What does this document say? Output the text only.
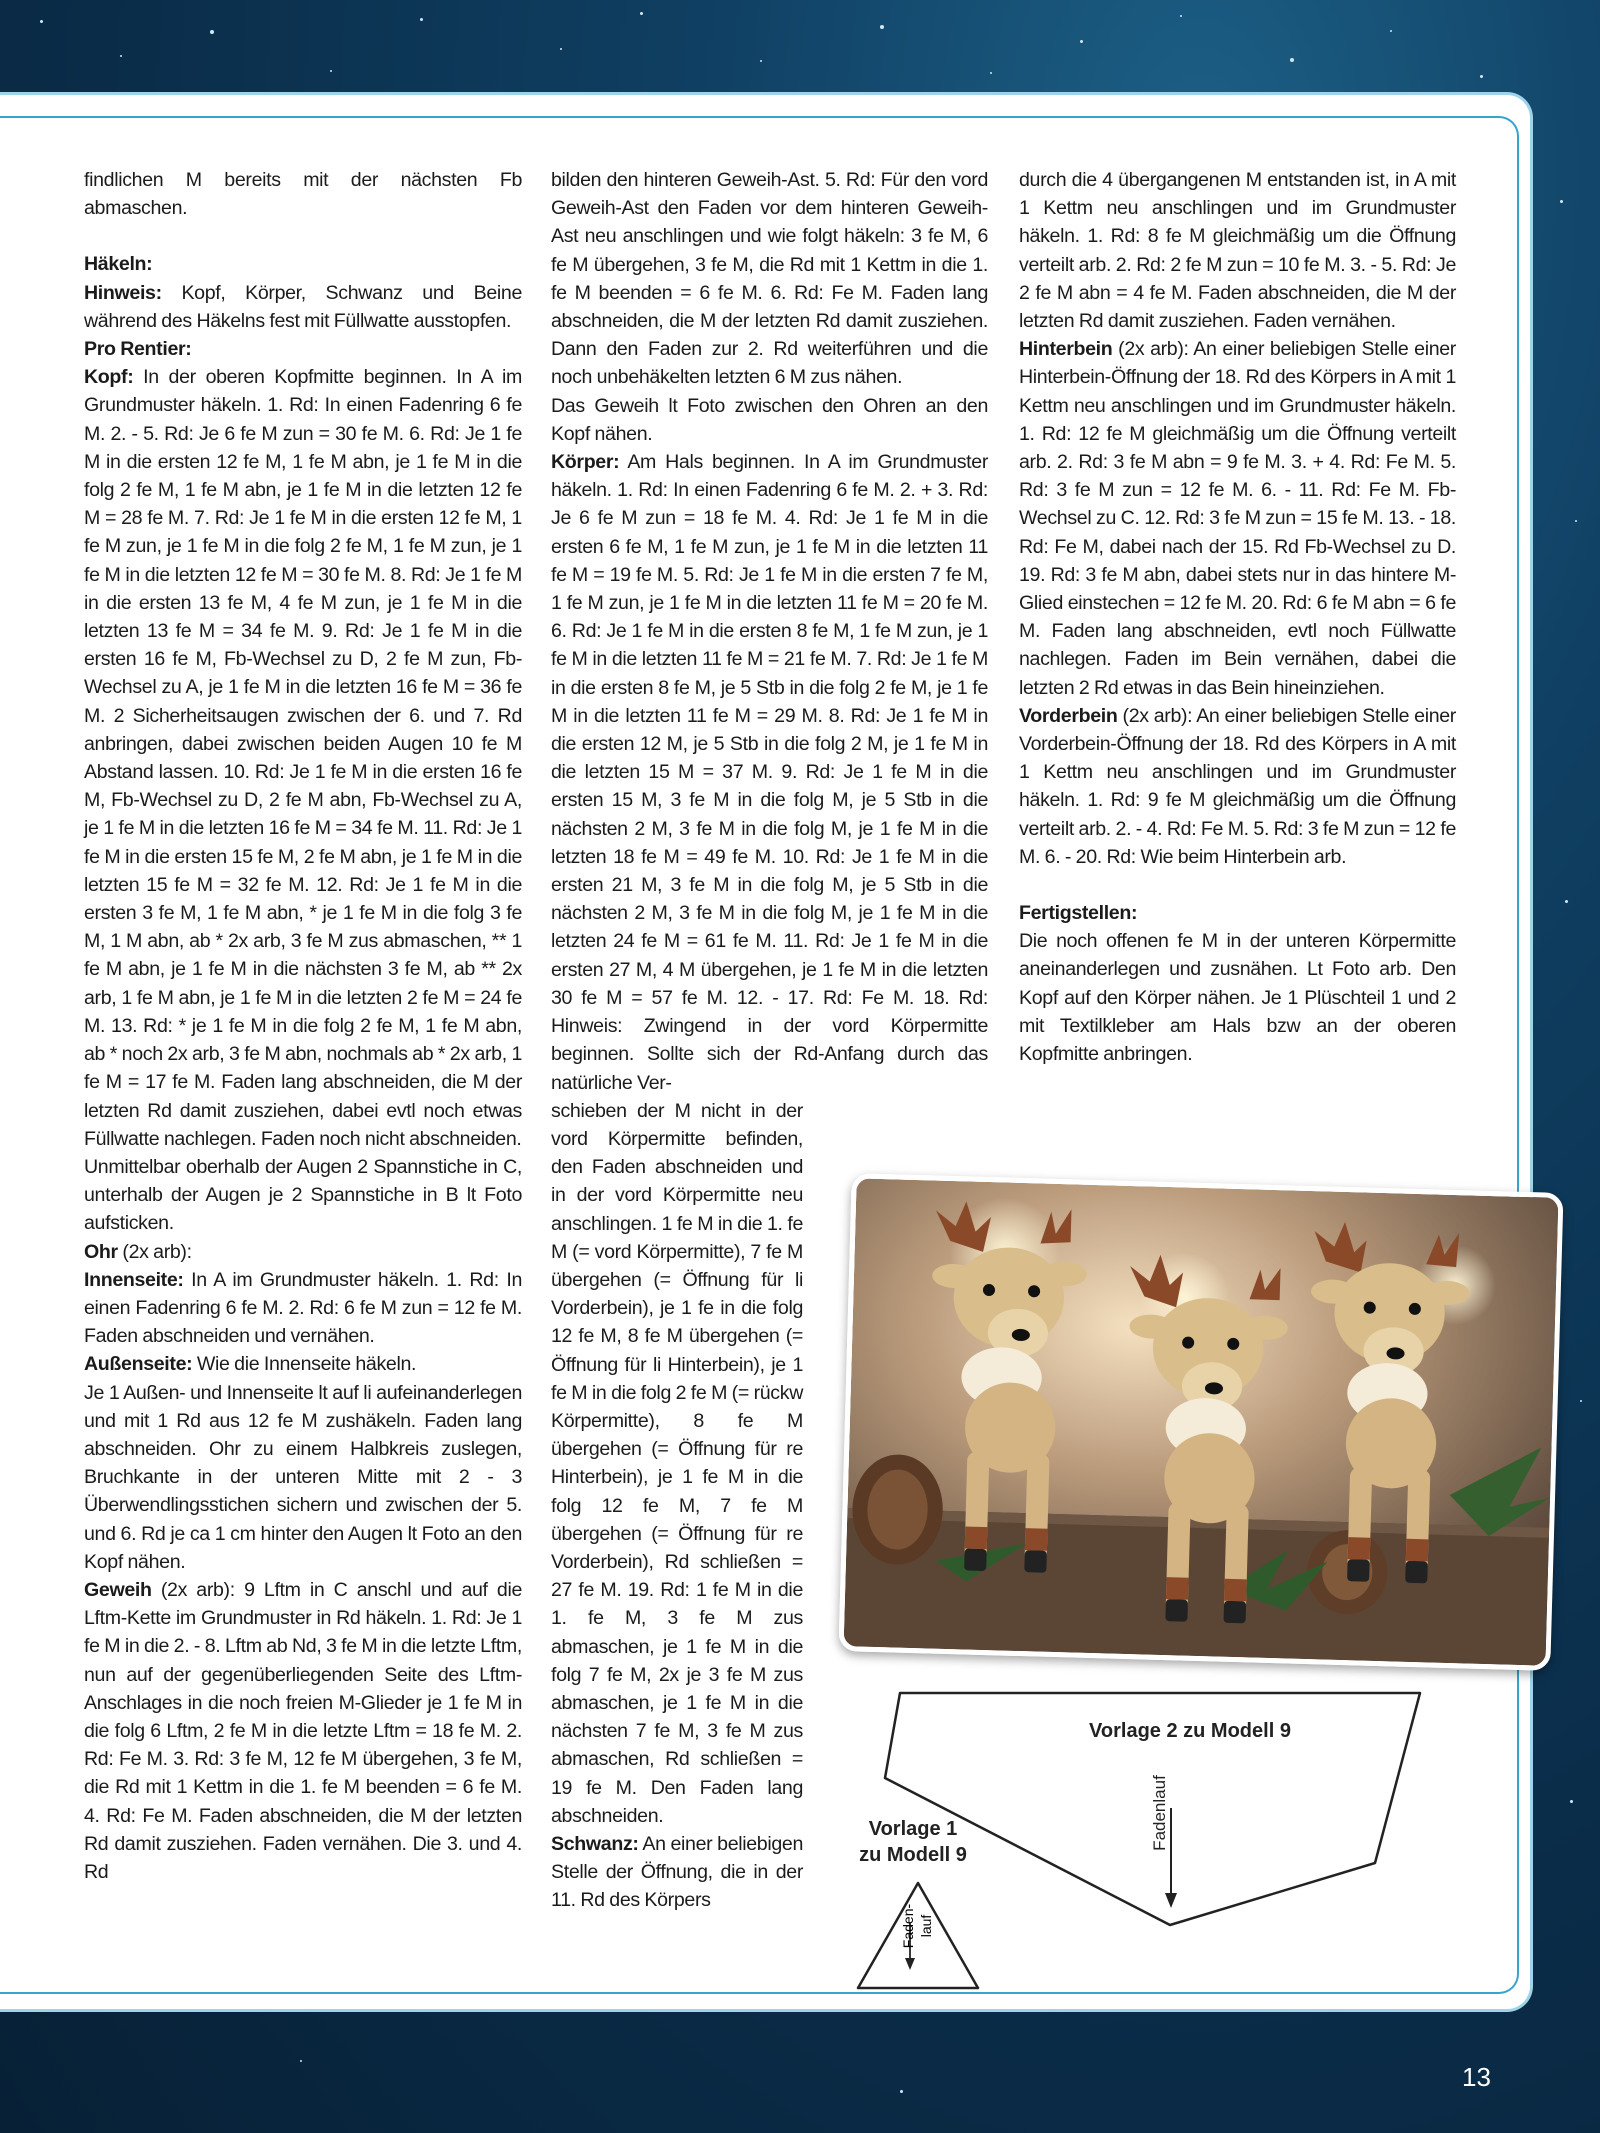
findlichen M bereits mit der nächsten Fb abmaschen.

Häkeln:

Hinweis: Kopf, Körper, Schwanz und Beine während des Häkelns fest mit Füllwatte ausstopfen.

Pro Rentier:

Kopf: In der oberen Kopfmitte beginnen. In A im Grundmuster häkeln. 1. Rd: In einen Fadenring 6 fe M. 2. - 5. Rd: Je 6 fe M zun = 30 fe M. 6. Rd: Je 1 fe M in die ersten 12 fe M, 1 fe M abn, je 1 fe M in die folg 2 fe M, 1 fe M abn, je 1 fe M in die letzten 12 fe M = 28 fe M. 7. Rd: Je 1 fe M in die ersten 12 fe M, 1 fe M zun, je 1 fe M in die folg 2 fe M, 1 fe M zun, je 1 fe M in die letzten 12 fe M = 30 fe M. 8. Rd: Je 1 fe M in die ersten 13 fe M, 4 fe M zun, je 1 fe M in die letzten 13 fe M = 34 fe M. 9. Rd: Je 1 fe M in die ersten 16 fe M, Fb-Wechsel zu D, 2 fe M zun, Fb-Wechsel zu A, je 1 fe M in die letzten 16 fe M = 36 fe M. 2 Sicherheitsaugen zwischen der 6. und 7. Rd anbringen, dabei zwischen beiden Augen 10 fe M Abstand lassen. 10. Rd: Je 1 fe M in die ersten 16 fe M, Fb-Wechsel zu D, 2 fe M abn, Fb-Wechsel zu A, je 1 fe M in die letzten 16 fe M = 34 fe M. 11. Rd: Je 1 fe M in die ersten 15 fe M, 2 fe M abn, je 1 fe M in die letzten 15 fe M = 32 fe M. 12. Rd: Je 1 fe M in die ersten 3 fe M, 1 fe M abn, * je 1 fe M in die folg 3 fe M, 1 M abn, ab * 2x arb, 3 fe M zus abmaschen, ** 1 fe M abn, je 1 fe M in die nächsten 3 fe M, ab ** 2x arb, 1 fe M abn, je 1 fe M in die letzten 2 fe M = 24 fe M. 13. Rd: * je 1 fe M in die folg 2 fe M, 1 fe M abn, ab * noch 2x arb, 3 fe M abn, nochmals ab * 2x arb, 1 fe M = 17 fe M. Faden lang abschneiden, die M der letzten Rd damit zusziehen, dabei evtl noch etwas Füllwatte nachlegen. Faden noch nicht abschneiden.

Unmittelbar oberhalb der Augen 2 Spannstiche in C, unterhalb der Augen je 2 Spannstiche in B lt Foto aufsticken.

Ohr (2x arb):

Innenseite: In A im Grundmuster häkeln. 1. Rd: In einen Fadenring 6 fe M. 2. Rd: 6 fe M zun = 12 fe M. Faden abschneiden und vernähen.

Außenseite: Wie die Innenseite häkeln.

Je 1 Außen- und Innenseite lt auf li aufeinanderlegen und mit 1 Rd aus 12 fe M zushäkeln. Faden lang abschneiden. Ohr zu einem Halbkreis zuslegen, Bruchkante in der unteren Mitte mit 2 - 3 Überwendlingsstichen sichern und zwischen der 5. und 6. Rd je ca 1 cm hinter den Augen lt Foto an den Kopf nähen.

Geweih (2x arb): 9 Lftm in C anschl und auf die Lftm-Kette im Grundmuster in Rd häkeln. 1. Rd: Je 1 fe M in die 2. - 8. Lftm ab Nd, 3 fe M in die letzte Lftm, nun auf der gegenüberliegenden Seite des Lftm-Anschlages in die noch freien M-Glieder je 1 fe M in die folg 6 Lftm, 2 fe M in die letzte Lftm = 18 fe M. 2. Rd: Fe M. 3. Rd: 3 fe M, 12 fe M übergehen, 3 fe M, die Rd mit 1 Kettm in die 1. fe M beenden = 6 fe M. 4. Rd: Fe M. Faden abschneiden, die M der letzten Rd damit zusziehen. Faden vernähen. Die 3. und 4. Rd

bilden den hinteren Geweih-Ast. 5. Rd: Für den vord Geweih-Ast den Faden vor dem hinteren Geweih-Ast neu anschlingen und wie folgt häkeln: 3 fe M, 6 fe M übergehen, 3 fe M, die Rd mit 1 Kettm in die 1. fe M beenden = 6 fe M. 6. Rd: Fe M. Faden lang abschneiden, die M der letzten Rd damit zusziehen. Dann den Faden zur 2. Rd weiterführen und die noch unbehäkelten letzten 6 M zus nähen.

Das Geweih lt Foto zwischen den Ohren an den Kopf nähen.

Körper: Am Hals beginnen. In A im Grundmuster häkeln. 1. Rd: In einen Fadenring 6 fe M. 2. + 3. Rd: Je 6 fe M zun = 18 fe M. 4. Rd: Je 1 fe M in die ersten 6 fe M, 1 fe M zun, je 1 fe M in die letzten 11 fe M = 19 fe M. 5. Rd: Je 1 fe M in die ersten 7 fe M, 1 fe M zun, je 1 fe M in die letzten 11 fe M = 20 fe M. 6. Rd: Je 1 fe M in die ersten 8 fe M, 1 fe M zun, je 1 fe M in die letzten 11 fe M = 21 fe M. 7. Rd: Je 1 fe M in die ersten 8 fe M, je 5 Stb in die folg 2 fe M, je 1 fe M in die letzten 11 fe M = 29 M. 8. Rd: Je 1 fe M in die ersten 12 M, je 5 Stb in die folg 2 M, je 1 fe M in die letzten 15 M = 37 M. 9. Rd: Je 1 fe M in die ersten 15 M, 3 fe M in die folg M, je 5 Stb in die nächsten 2 M, 3 fe M in die folg M, je 1 fe M in die letzten 18 fe M = 49 fe M. 10. Rd: Je 1 fe M in die ersten 21 M, 3 fe M in die folg M, je 5 Stb in die nächsten 2 M, 3 fe M in die folg M, je 1 fe M in die letzten 24 fe M = 61 fe M. 11. Rd: Je 1 fe M in die ersten 27 M, 4 M übergehen, je 1 fe M in die letzten 30 fe M = 57 fe M. 12. - 17. Rd: Fe M. 18. Rd: Hinweis: Zwingend in der vord Körpermitte beginnen. Sollte sich der Rd-Anfang durch das natürliche Ver-

schieben der M nicht in der vord Körpermitte befinden, den Faden abschneiden und in der vord Körpermitte neu anschlingen. 1 fe M in die 1. fe M (= vord Körpermitte), 7 fe M übergehen (= Öffnung für li Vorderbein), je 1 fe in die folg 12 fe M, 8 fe M übergehen (= Öffnung für li Hinterbein), je 1 fe M in die folg 2 fe M (= rückw Körpermitte), 8 fe M übergehen (= Öffnung für re Hinterbein), je 1 fe M in die folg 12 fe M, 7 fe M übergehen (= Öffnung für re Vorderbein), Rd schließen = 27 fe M. 19. Rd: 1 fe M in die 1. fe M, 3 fe M zus abmaschen, je 1 fe M in die folg 7 fe M, 2x je 3 fe M zus abmaschen, je 1 fe M in die nächsten 7 fe M, 3 fe M zus abmaschen, Rd schließen = 19 fe M. Den Faden lang abschneiden.

Schwanz: An einer beliebigen Stelle der Öffnung, die in der 11. Rd des Körpers

durch die 4 übergangenen M entstanden ist, in A mit 1 Kettm neu anschlingen und im Grundmuster häkeln. 1. Rd: 8 fe M gleichmäßig um die Öffnung verteilt arb. 2. Rd: 2 fe M zun = 10 fe M. 3. - 5. Rd: Je 2 fe M abn = 4 fe M. Faden abschneiden, die M der letzten Rd damit zusziehen. Faden vernähen.

Hinterbein (2x arb): An einer beliebigen Stelle einer Hinterbein-Öffnung der 18. Rd des Körpers in A mit 1 Kettm neu anschlingen und im Grundmuster häkeln. 1. Rd: 12 fe M gleichmäßig um die Öffnung verteilt arb. 2. Rd: 3 fe M abn = 9 fe M. 3. + 4. Rd: Fe M. 5. Rd: 3 fe M zun = 12 fe M. 6. - 11. Rd: Fe M. Fb-Wechsel zu C. 12. Rd: 3 fe M zun = 15 fe M. 13. - 18. Rd: Fe M, dabei nach der 15. Rd Fb-Wechsel zu D. 19. Rd: 3 fe M abn, dabei stets nur in das hintere M-Glied einstechen = 12 fe M. 20. Rd: 6 fe M abn = 6 fe M. Faden lang abschneiden, evtl noch Füllwatte nachlegen. Faden im Bein vernähen, dabei die letzten 2 Rd etwas in das Bein hineinziehen.

Vorderbein (2x arb): An einer beliebigen Stelle einer Vorderbein-Öffnung der 18. Rd des Körpers in A mit 1 Kettm neu anschlingen und im Grundmuster häkeln. 1. Rd: 9 fe M gleichmäßig um die Öffnung verteilt arb. 2. - 4. Rd: Fe M. 5. Rd: 3 fe M zun = 12 fe M. 6. - 20. Rd: Wie beim Hinterbein arb.

Fertigstellen:

Die noch offenen fe M in der unteren Körpermitte aneinanderlegen und zusnähen. Lt Foto arb. Den Kopf auf den Körper nähen. Je 1 Plüschteil 1 und 2 mit Textilkleber am Hals bzw an der oberen Kopfmitte anbringen.

Vorlage 2 zu Modell 9
Fadenlauf
Vorlage 1
zu Modell 9
Faden- lauf
13
